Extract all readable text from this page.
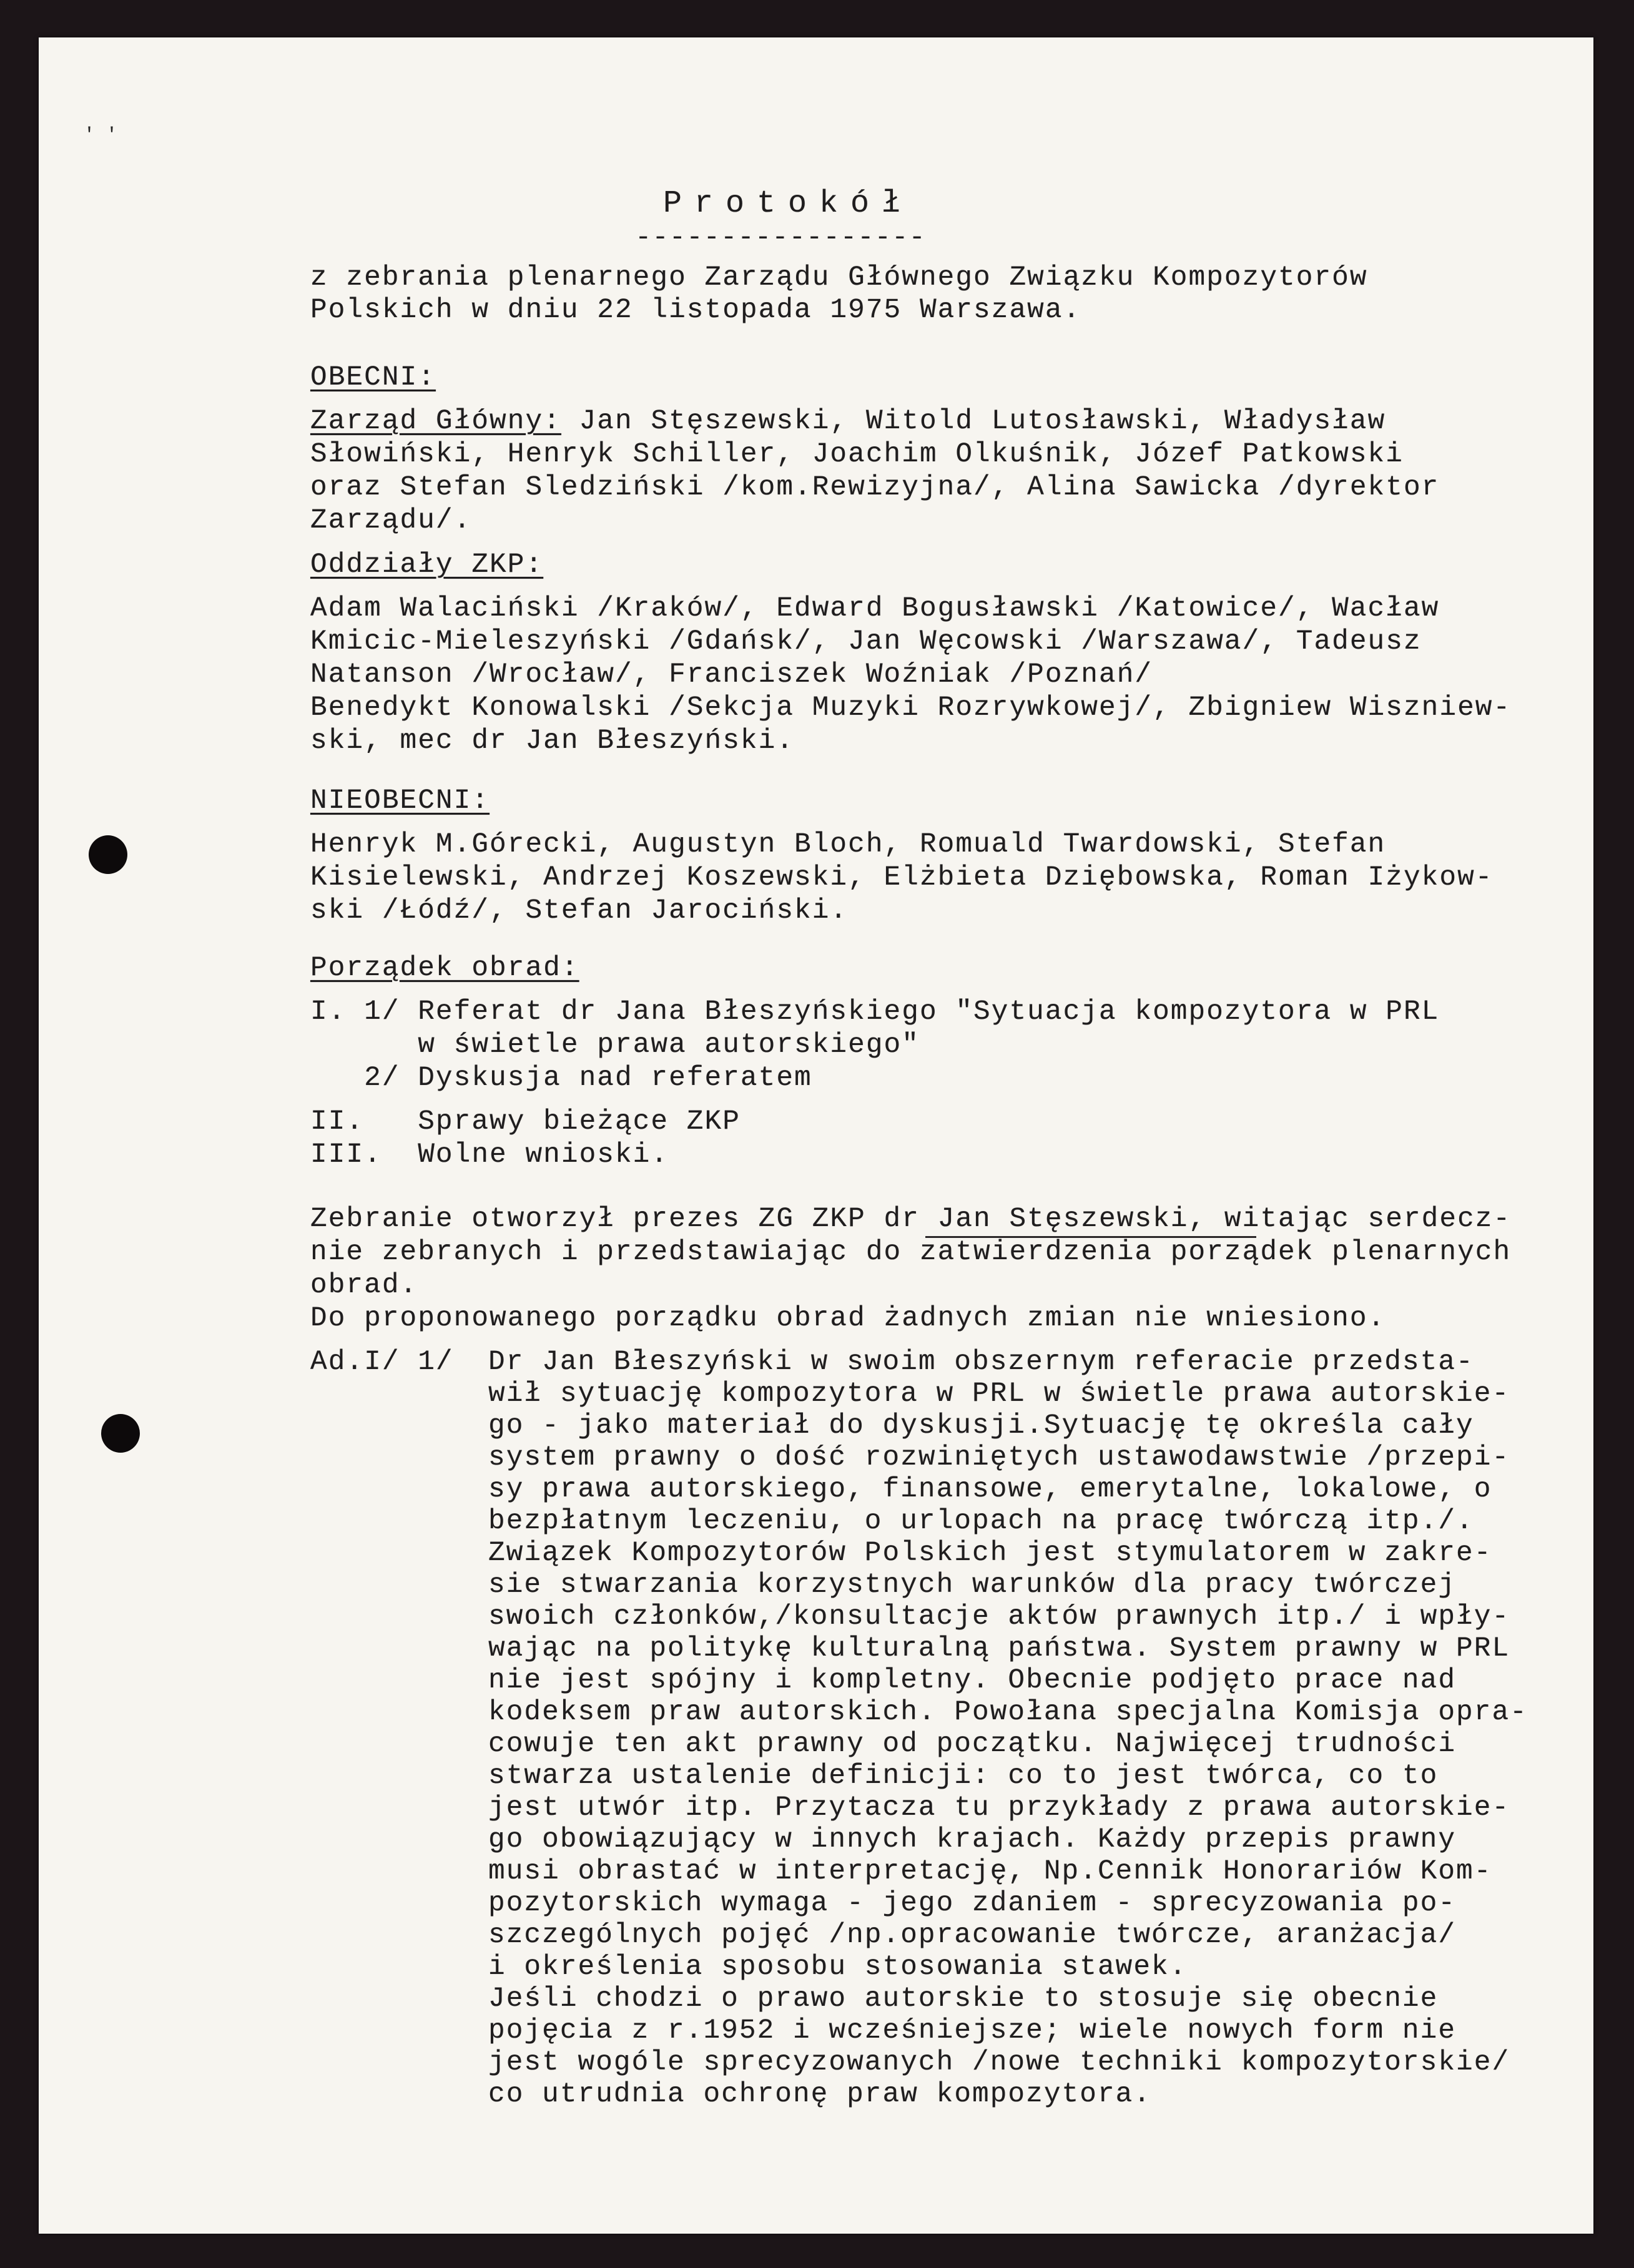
' '
Protokół
-----------------
z zebrania plenarnego Zarządu Głównego Związku Kompozytorów
Polskich w dniu 22 listopada 1975 Warszawa.
OBECNI:
Zarząd Główny: Jan Stęszewski, Witold Lutosławski, Władysław
Słowiński, Henryk Schiller, Joachim Olkuśnik, Józef Patkowski
oraz Stefan Sledziński /kom.Rewizyjna/, Alina Sawicka /dyrektor
Zarządu/.
Oddziały ZKP:
Adam Walaciński /Kraków/, Edward Bogusławski /Katowice/, Wacław
Kmicic-Mieleszyński /Gdańsk/, Jan Węcowski /Warszawa/, Tadeusz
Natanson /Wrocław/, Franciszek Woźniak /Poznań/
Benedykt Konowalski /Sekcja Muzyki Rozrywkowej/, Zbigniew Wiszniew-
ski, mec dr Jan Błeszyński.
NIEOBECNI:
Henryk M.Górecki, Augustyn Bloch, Romuald Twardowski, Stefan
Kisielewski, Andrzej Koszewski, Elżbieta Dziębowska, Roman Iżykow-
ski /Łódź/, Stefan Jarociński.
Porządek obrad:
I. 1/ Referat dr Jana Błeszyńskiego "Sytuacja kompozytora w PRL
w świetle prawa autorskiego"
2/ Dyskusja nad referatem
II.   Sprawy bieżące ZKP
III.  Wolne wnioski.
Zebranie otworzył prezes ZG ZKP dr Jan Stęszewski, witając serdecz-
nie zebranych i przedstawiając do zatwierdzenia porządek plenarnych
obrad.
Do proponowanego porządku obrad żadnych zmian nie wniesiono.
Ad.I/ 1/ Dr Jan Błeszyński w swoim obszernym referacie przedsta-
wił sytuację kompozytora w PRL w świetle prawa autorskie-
go - jako materiał do dyskusji.Sytuację tę określa cały
system prawny o dość rozwiniętych ustawodawstwie /przepi-
sy prawa autorskiego, finansowe, emerytalne, lokalowe, o
bezpłatnym leczeniu, o urlopach na pracę twórczą itp./.
Związek Kompozytorów Polskich jest stymulatorem w zakre-
sie stwarzania korzystnych warunków dla pracy twórczej
swoich członków,/konsultacje aktów prawnych itp./ i wpły-
wając na politykę kulturalną państwa. System prawny w PRL
nie jest spójny i kompletny. Obecnie podjęto prace nad
kodeksem praw autorskich. Powołana specjalna Komisja opra-
cowuje ten akt prawny od początku. Najwięcej trudności
stwarza ustalenie definicji: co to jest twórca, co to
jest utwór itp. Przytacza tu przykłady z prawa autorskie-
go obowiązujący w innych krajach. Każdy przepis prawny
musi obrastać w interpretację, Np.Cennik Honorariów Kom-
pozytorskich wymaga - jego zdaniem - sprecyzowania po-
szczególnych pojęć /np.opracowanie twórcze, aranżacja/
i określenia sposobu stosowania stawek.
Jeśli chodzi o prawo autorskie to stosuje się obecnie
pojęcia z r.1952 i wcześniejsze; wiele nowych form nie
jest wogóle sprecyzowanych /nowe techniki kompozytorskie/
co utrudnia ochronę praw kompozytora.
